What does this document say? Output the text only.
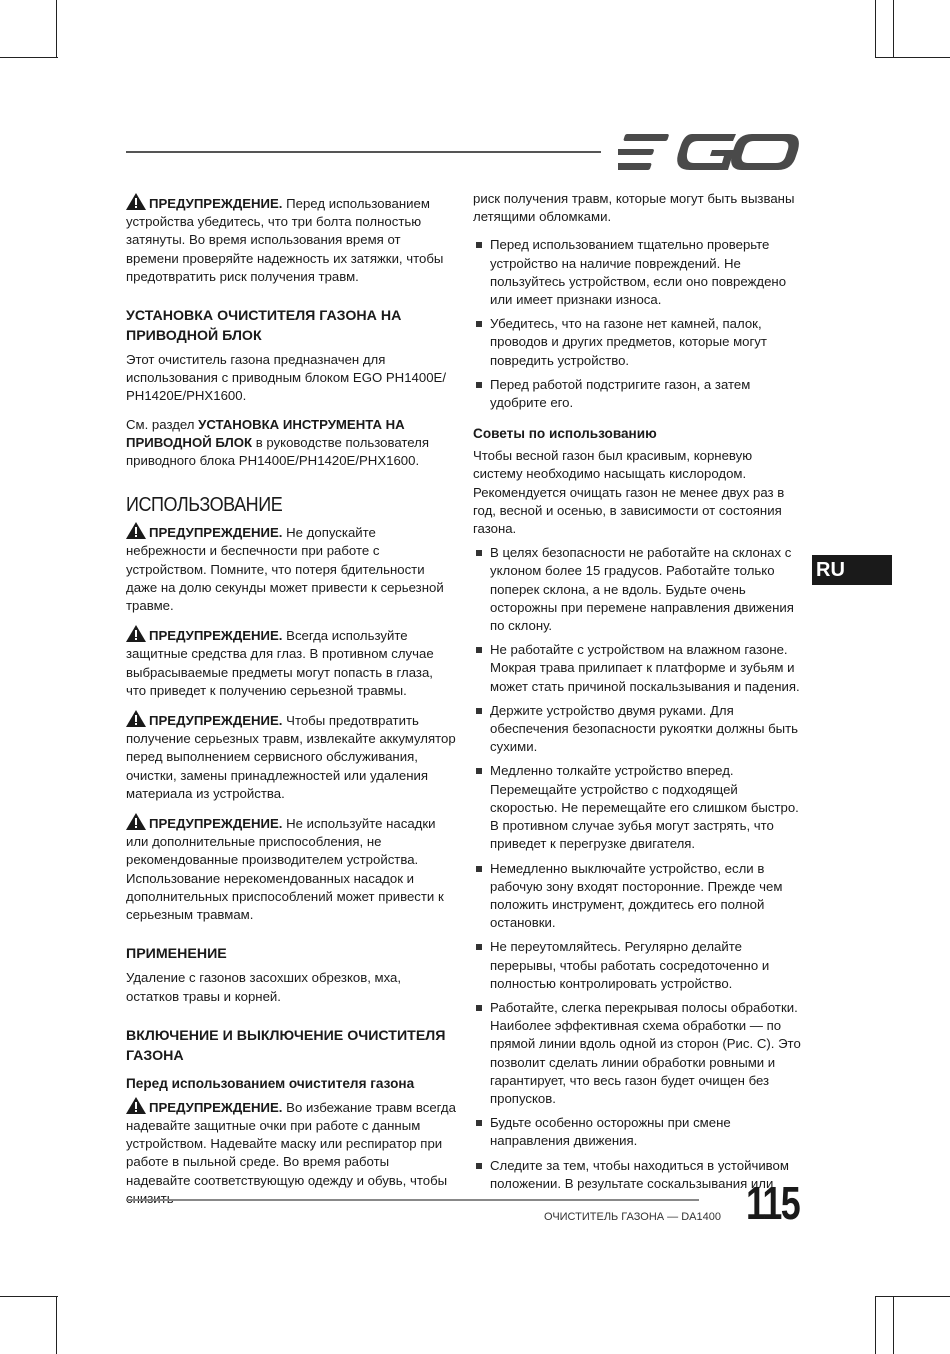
ПРЕДУПРЕЖДЕНИЕ. Перед использованием устройства убедитесь, что три болта полностью затянуты. Во время использования время от времени проверяйте надежность их затяжки, чтобы предотвратить риск получения травм.

УСТАНОВКА ОЧИСТИТЕЛЯ ГАЗОНА НА ПРИВОДНОЙ БЛОК

Этот очиститель газона предназначен для использования с приводным блоком EGO PH1400E/ PH1420E/PHX1600.

См. раздел УСТАНОВКА ИНСТРУМЕНТА НА ПРИВОДНОЙ БЛОК в руководстве пользователя приводного блока PH1400E/PH1420E/PHX1600.

ИСПОЛЬЗОВАНИЕ

ПРЕДУПРЕЖДЕНИЕ. Не допускайте небрежности и беспечности при работе с устройством. Помните, что потеря бдительности даже на долю секунды может привести к серьезной травме.

ПРЕДУПРЕЖДЕНИЕ. Всегда используйте защитные средства для глаз. В противном случае выбрасываемые предметы могут попасть в глаза, что приведет к получению серьезной травмы.

ПРЕДУПРЕЖДЕНИЕ. Чтобы предотвратить получение серьезных травм, извлекайте аккумулятор перед выполнением сервисного обслуживания, очистки, замены принадлежностей или удаления материала из устройства.

ПРЕДУПРЕЖДЕНИЕ. Не используйте насадки или дополнительные приспособления, не рекомендованные производителем устройства. Использование нерекомендованных насадок и дополнительных приспособлений может привести к серьезным травмам.

ПРИМЕНЕНИЕ

Удаление с газонов засохших обрезков, мха, остатков травы и корней.

ВКЛЮЧЕНИЕ И ВЫКЛЮЧЕНИЕ ОЧИСТИТЕЛЯ ГАЗОНА
Перед использованием очистителя газона

ПРЕДУПРЕЖДЕНИЕ. Во избежание травм всегда надевайте защитные очки при работе с данным устройством. Надевайте маску или респиратор при работе в пыльной среде. Во время работы надевайте соответствующую одежду и обувь, чтобы

риск получения травм, которые могут быть вызваны летящими обломками.

Перед использованием тщательно проверьте устройство на наличие повреждений. Не пользуйтесь устройством, если оно повреждено или имеет признаки износа.
Убедитесь, что на газоне нет камней, палок, проводов и других предметов, которые могут повредить устройство.
Перед работой подстригите газон, а затем удобрите его.
Советы по использованию

Чтобы весной газон был красивым, корневую систему необходимо насыщать кислородом. Рекомендуется очищать газон не менее двух раз в год, весной и осенью, в зависимости от состояния газона.

В целях безопасности не работайте на склонах с уклоном более 15 градусов. Работайте только поперек склона, а не вдоль. Будьте очень осторожны при перемене направления движения по склону.
Не работайте с устройством на влажном газоне. Мокрая трава прилипает к платформе и зубьям и может стать причиной поскальзывания и падения.
Держите устройство двумя руками. Для обеспечения безопасности рукоятки должны быть сухими.
Медленно толкайте устройство вперед. Перемещайте устройство с подходящей скоростью. Не перемещайте его слишком быстро. В противном случае зубья могут застрять, что приведет к перегрузке двигателя.
Немедленно выключайте устройство, если в рабочую зону входят посторонние. Прежде чем положить инструмент, дождитесь его полной остановки.
Не переутомляйтесь. Регулярно делайте перерывы, чтобы работать сосредоточенно и полностью контролировать устройство.
Работайте, слегка перекрывая полосы обработки. Наиболее эффективная схема обработки — по прямой линии вдоль одной из сторон (Рис. C). Это позволит сделать линии обработки ровными и гарантирует, что весь газон будет очищен без пропусков.
Будьте особенно осторожны при смене направления движения.
Следите за тем, чтобы находиться в устойчивом положении. В результате соскальзывания или
RU
ОЧИСТИТЕЛЬ ГАЗОНА — DA1400 115
